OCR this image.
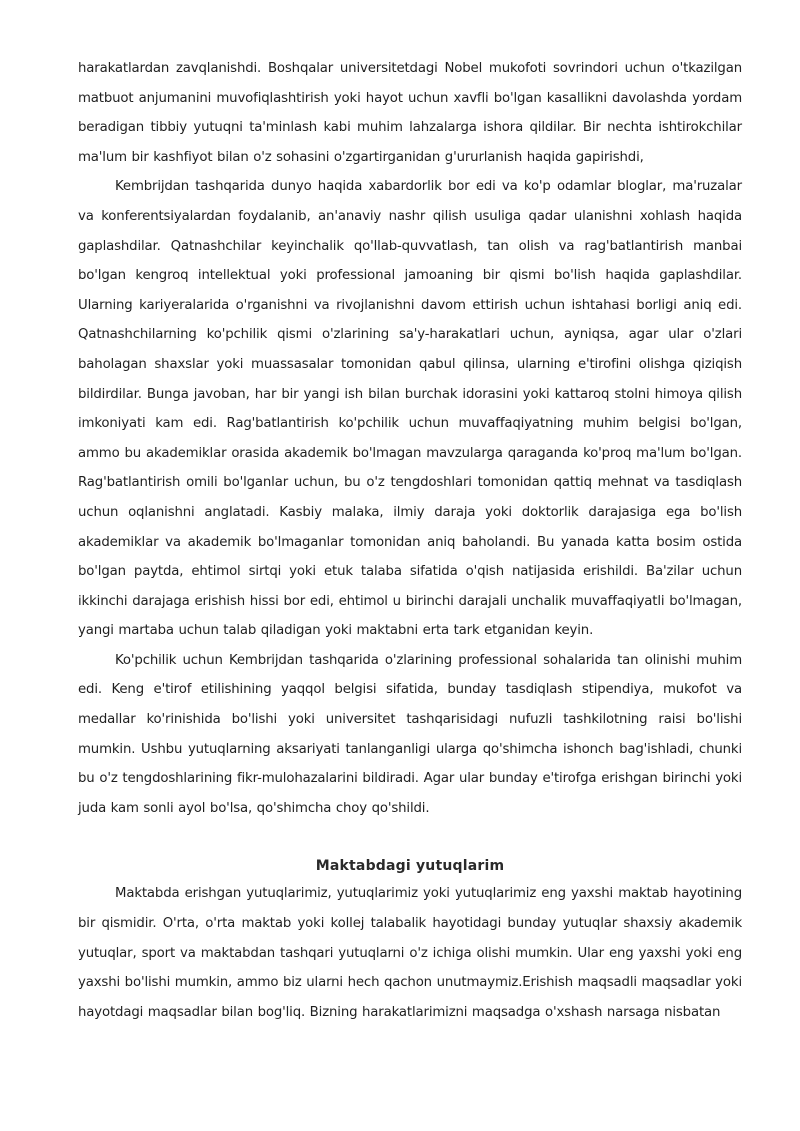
harakatlardan zavqlanishdi. Boshqalar universitetdagi Nobel mukofoti sovrindori uchun o'tkazilgan matbuot anjumanini muvofiqlashtirish yoki hayot uchun xavfli bo'lgan kasallikni davolashda yordam beradigan tibbiy yutuqni ta'minlash kabi muhim lahzalarga ishora qildilar. Bir nechta ishtirokchilar ma'lum bir kashfiyot bilan o'z sohasini o'zgartirganidan g'ururlanish haqida gapirishdi,

Kembrijdan tashqarida dunyo haqida xabardorlik bor edi va ko'p odamlar bloglar, ma'ruzalar va konferentsiyalardan foydalanib, an'anaviy nashr qilish usuliga qadar ulanishni xohlash haqida gaplashdilar. Qatnashchilar keyinchalik qo'llab-quvvatlash, tan olish va rag'batlantirish manbai bo'lgan kengroq intellektual yoki professional jamoaning bir qismi bo'lish haqida gaplashdilar. Ularning kariyeralarida o'rganishni va rivojlanishni davom ettirish uchun ishtahasi borligi aniq edi. Qatnashchilarning ko'pchilik qismi o'zlarining sa'y-harakatlari uchun, ayniqsa, agar ular o'zlari baholagan shaxslar yoki muassasalar tomonidan qabul qilinsa, ularning e'tirofini olishga qiziqish bildirdilar. Bunga javoban, har bir yangi ish bilan burchak idorasini yoki kattaroq stolni himoya qilish imkoniyati kam edi. Rag'batlantirish ko'pchilik uchun muvaffaqiyatning muhim belgisi bo'lgan, ammo bu akademiklar orasida akademik bo'lmagan mavzularga qaraganda ko'proq ma'lum bo'lgan. Rag'batlantirish omili bo'lganlar uchun, bu o'z tengdoshlari tomonidan qattiq mehnat va tasdiqlash uchun oqlanishni anglatadi. Kasbiy malaka, ilmiy daraja yoki doktorlik darajasiga ega bo'lish akademiklar va akademik bo'lmaganlar tomonidan aniq baholandi. Bu yanada katta bosim ostida bo'lgan paytda, ehtimol sirtqi yoki etuk talaba sifatida o'qish natijasida erishildi. Ba'zilar uchun ikkinchi darajaga erishish hissi bor edi, ehtimol u birinchi darajali unchalik muvaffaqiyatli bo'lmagan, yangi martaba uchun talab qiladigan yoki maktabni erta tark etganidan keyin.

Ko'pchilik uchun Kembrijdan tashqarida o'zlarining professional sohalarida tan olinishi muhim edi. Keng e'tirof etilishining yaqqol belgisi sifatida, bunday tasdiqlash stipendiya, mukofot va medallar ko'rinishida bo'lishi yoki universitet tashqarisidagi nufuzli tashkilotning raisi bo'lishi mumkin. Ushbu yutuqlarning aksariyati tanlanganligi ularga qo'shimcha ishonch bag'ishladi, chunki bu o'z tengdoshlarining fikr-mulohazalarini bildiradi. Agar ular bunday e'tirofga erishgan birinchi yoki juda kam sonli ayol bo'lsa, qo'shimcha choy qo'shildi.

Maktabdagi yutuqlarim

Maktabda erishgan yutuqlarimiz, yutuqlarimiz yoki yutuqlarimiz eng yaxshi maktab hayotining bir qismidir. O'rta, o'rta maktab yoki kollej talabalik hayotidagi bunday yutuqlar shaxsiy akademik yutuqlar, sport va maktabdan tashqari yutuqlarni o'z ichiga olishi mumkin. Ular eng yaxshi yoki eng yaxshi bo'lishi mumkin, ammo biz ularni hech qachon unutmaymiz.Erishish maqsadli maqsadlar yoki hayotdagi maqsadlar bilan bog'liq. Bizning harakatlarimizni maqsadga o'xshash narsaga nisbatan
